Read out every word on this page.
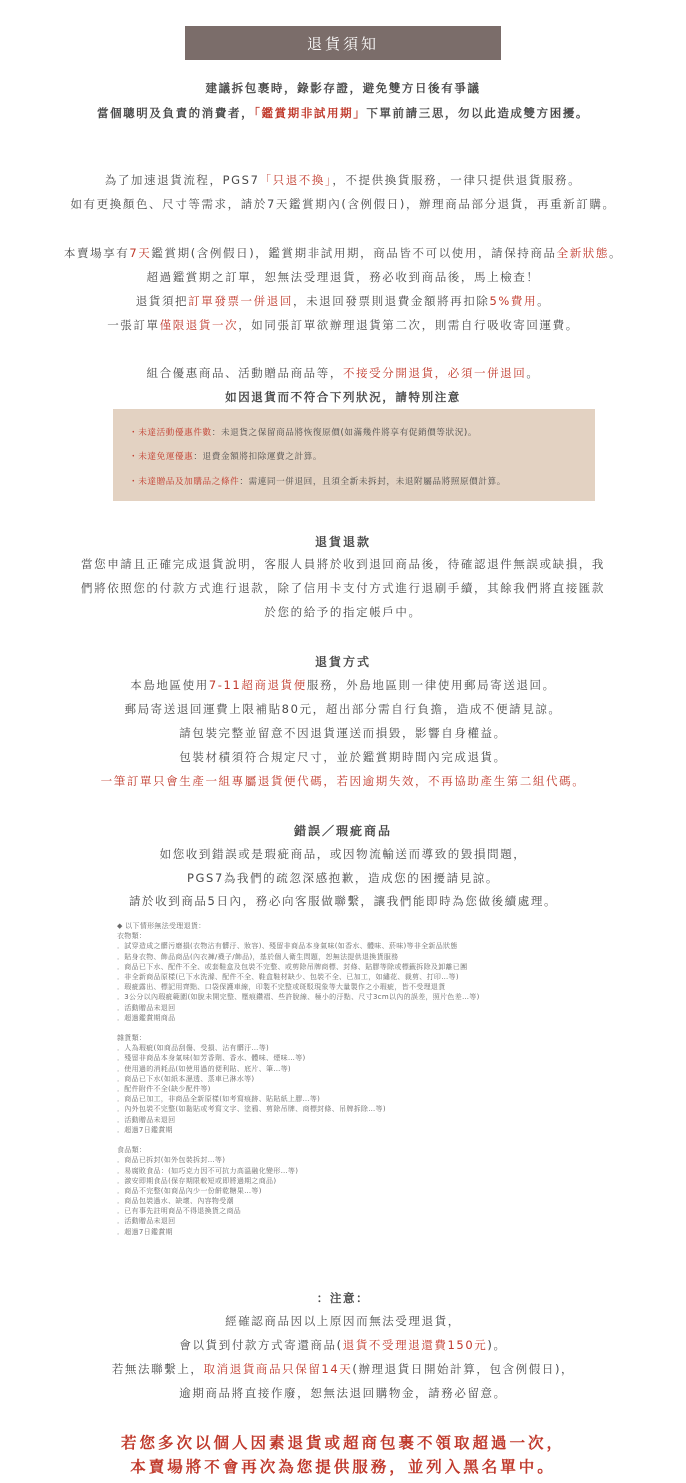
退貨須知
建議拆包裹時，錄影存證，避免雙方日後有爭議
當個聰明及負責的消費者，「鑑賞期非試用期」下單前請三思，勿以此造成雙方困擾。
為了加速退貨流程，PGS7「只退不換」，不提供換貨服務，一律只提供退貨服務。
如有更換顏色、尺寸等需求，請於7天鑑賞期內(含例假日)，辦理商品部分退貨，再重新訂購。
本賣場享有7天鑑賞期(含例假日)，鑑賞期非試用期，商品皆不可以使用，請保持商品全新狀態。
超過鑑賞期之訂單，恕無法受理退貨，務必收到商品後，馬上檢查！
退貨須把訂單發票一併退回，未退回發票則退費金額將再扣除5%費用。
一張訂單僅限退貨一次，如同張訂單欲辦理退貨第二次，則需自行吸收寄回運費。
組合優惠商品、活動贈品商品等，不接受分開退貨，必須一併退回。
如因退貨而不符合下列狀況，請特別注意
・未達活動優惠件數：未退貨之保留商品將恢復原價(如滿幾件將享有促銷價等狀況)。
・未達免運優惠：退費金額將扣除運費之計算。
・未達贈品及加購品之條件：需連同一併退回，且須全新未拆封，未退附屬品將照原價計算。
退貨退款
當您申請且正確完成退貨說明，客服人員將於收到退回商品後，待確認退件無誤或缺損，我
們將依照您的付款方式進行退款，除了信用卡支付方式進行退刷手續，其餘我們將直接匯款
於您的給予的指定帳戶中。
退貨方式
本島地區使用7-11超商退貨便服務，外島地區則一律使用郵局寄送退回。
郵局寄送退回運費上限補貼80元，超出部分需自行負擔，造成不便請見諒。
請包裝完整並留意不因退貨運送而損毀，影響自身權益。
包裝材積須符合規定尺寸，並於鑑賞期時間內完成退貨。
一筆訂單只會生產一組專屬退貨便代碼，若因逾期失效，不再協助產生第二組代碼。
錯誤／瑕疵商品
如您收到錯誤或是瑕疵商品，或因物流輸送而導致的毀損問題，
PGS7為我們的疏忽深感抱歉，造成您的困擾請見諒。
請於收到商品5日內，務必向客服做聯繫，讓我們能即時為您做後續處理。
◆ 以下情形無法受理退貨：
衣物類：
．試穿造成之髒污磨損(衣物沾有髒汙、妝容)、殘留非商品本身氣味(如香水、體味、菸味)等非全新品狀態
．貼身衣物、飾品商品(內衣褲/襪子/飾品)，基於個人衛生問題，恕無法提供退換貨服務
．商品已下水、配件不全、或套鞋盒及包裝不完整、或剪除吊牌商標、封條、貼膠等除或標籤拆除及卸離已團
．非全新商品原樣(已下水洗滌、配件不全、鞋盒鞋材缺少、包裝不全、已加工，如繡花、裁剪、打印…等)
．瑕疵露出、標記用齊點、口袋保護車線，印製不完整或斑駁現象等大量製作之小瑕疵，皆不受理退貨
．3公分以內瑕疵範圍(如脫未開完整、壓痕鑽褶、些許脫線、極小的汙點、尺寸3cm以內的誤差，照片色差…等)
．活動贈品未退回
．超過鑑賞期商品
雜貨類：
．人為瑕疵(如商品刮傷、受損、沾有髒汙…等)
．殘留非商品本身氣味(如芳香劑、香水、體味、煙味…等)
．使用過的消耗品(如使用過的便利貼、底片、筆…等)
．商品已下水(如紙本濕透、蒸車已淋水等)
．配件附件不全(缺少配件等)
．商品已加工，非商品全新原樣(如考寫痕跡、貼貼紙上膠…等)
．內外包裝不完整(如黏貼或考寫文字、塗鴉、剪除吊牌、商標封條、吊牌拆除…等)
．活動贈品未退回
．超過7日鑑賞期
食品類：
．商品已拆封(如外包裝拆封…等)
．易腐敗食品：(如巧克力因不可抗力高溫融化變形…等)
．激安即期食品(保存期限較短或即將過期之商品)
．商品不完整(如商品內少一份餅乾糖果…等)
．商品包裝過水、缺壞、內容物受潮
．已有事先註明商品不得退換貨之商品
．活動贈品未退回
．超過7日鑑賞期
：注意：
經確認商品因以上原因而無法受理退貨，
會以貨到付款方式寄還商品(退貨不受理退還費150元)。
若無法聯繫上，取消退貨商品只保留14天(辦理退貨日開始計算，包含例假日)，
逾期商品將直接作廢，恕無法退回購物金，請務必留意。
若您多次以個人因素退貨或超商包裹不領取超過一次，
本賣場將不會再次為您提供服務，並列入黑名單中。
